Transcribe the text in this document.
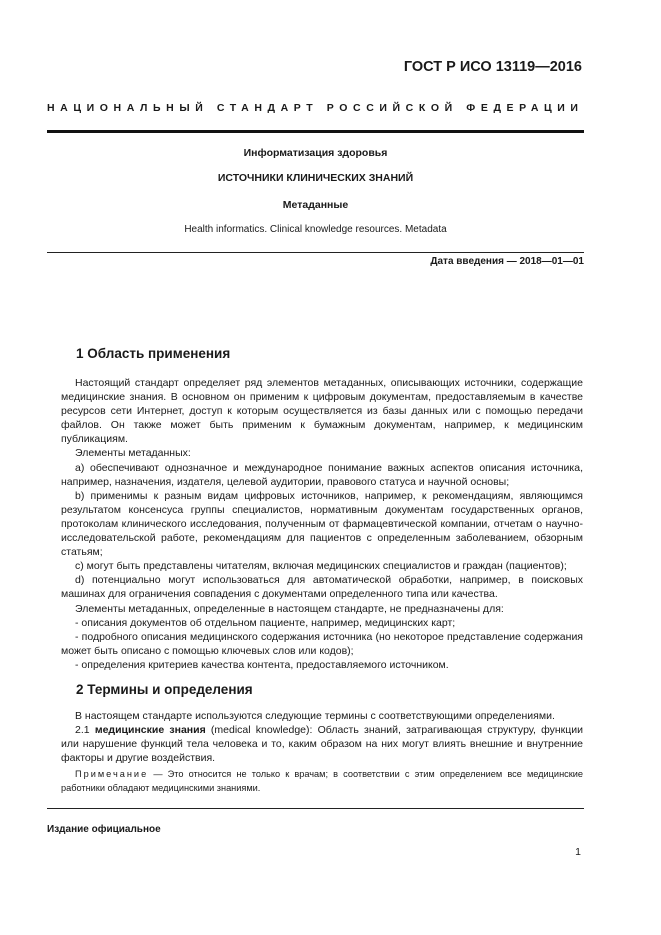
ГОСТ Р ИСО 13119—2016
НАЦИОНАЛЬНЫЙ СТАНДАРТ РОССИЙСКОЙ ФЕДЕРАЦИИ
Информатизация здоровья
ИСТОЧНИКИ КЛИНИЧЕСКИХ ЗНАНИЙ
Метаданные
Health informatics. Clinical knowledge resources. Metadata
Дата введения — 2018—01—01
1 Область применения

Настоящий стандарт определяет ряд элементов метаданных, описывающих источники, содержащие медицинские знания. В основном он применим к цифровым документам, предоставляемым в качестве ресурсов сети Интернет, доступ к которым осуществляется из базы данных или с помощью передачи файлов. Он также может быть применим к бумажным документам, например, к медицинским публикациям.

Элементы метаданных:

a) обеспечивают однозначное и международное понимание важных аспектов описания источника, например, назначения, издателя, целевой аудитории, правового статуса и научной основы;

b) применимы к разным видам цифровых источников, например, к рекомендациям, являющимся результатом консенсуса группы специалистов, нормативным документам государственных органов, протоколам клинического исследования, полученным от фармацевтической компании, отчетам о научно-исследовательской работе, рекомендациям для пациентов с определенным заболеванием, обзорным статьям;

c) могут быть представлены читателям, включая медицинских специалистов и граждан (пациентов);

d) потенциально могут использоваться для автоматической обработки, например, в поисковых машинах для ограничения совпадения с документами определенного типа или качества.

Элементы метаданных, определенные в настоящем стандарте, не предназначены для:

- описания документов об отдельном пациенте, например, медицинских карт;

- подробного описания медицинского содержания источника (но некоторое представление содержания может быть описано с помощью ключевых слов или кодов);

- определения критериев качества контента, предоставляемого источником.

2 Термины и определения

В настоящем стандарте используются следующие термины с соответствующими определениями.

2.1 медицинские знания (medical knowledge): Область знаний, затрагивающая структуру, функции или нарушение функций тела человека и то, каким образом на них могут влиять внешние и внутренние факторы и другие воздействия.

Примечание — Это относится не только к врачам; в соответствии с этим определением все медицинские работники обладают медицинскими знаниями.

Издание официальное
1
